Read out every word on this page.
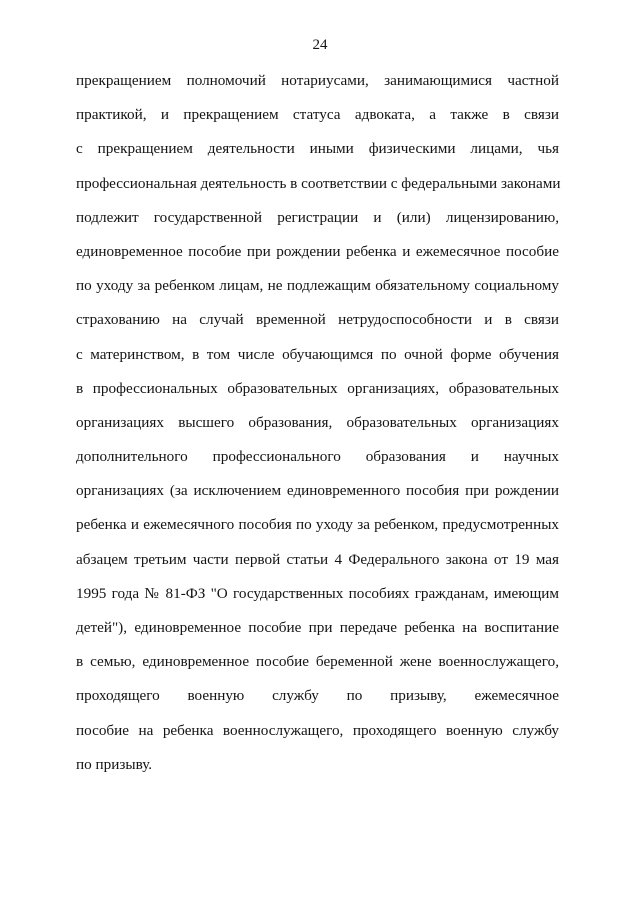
24
прекращением полномочий нотариусами, занимающимися частной
практикой, и прекращением статуса адвоката, а также в связи
с прекращением деятельности иными физическими лицами, чья
профессиональная деятельность в соответствии с федеральными законами
подлежит государственной регистрации и (или) лицензированию,
единовременное пособие при рождении ребенка и ежемесячное пособие
по уходу за ребенком лицам, не подлежащим обязательному социальному
страхованию на случай временной нетрудоспособности и в связи
с материнством, в том числе обучающимся по очной форме обучения
в профессиональных образовательных организациях, образовательных
организациях высшего образования, образовательных организациях
дополнительного профессионального образования и научных
организациях (за исключением единовременного пособия при рождении
ребенка и ежемесячного пособия по уходу за ребенком, предусмотренных
абзацем третьим части первой статьи 4 Федерального закона от 19 мая
1995 года № 81-ФЗ "О государственных пособиях гражданам, имеющим
детей"), единовременное пособие при передаче ребенка на воспитание
в семью, единовременное пособие беременной жене военнослужащего,
проходящего военную службу по призыву, ежемесячное
пособие на ребенка военнослужащего, проходящего военную службу
по призыву.
